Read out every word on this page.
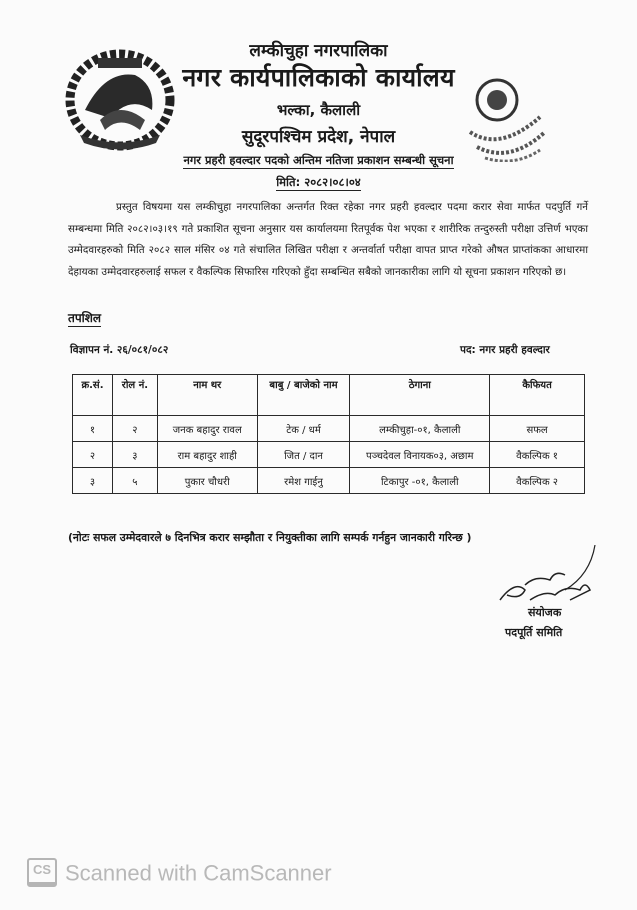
लम्कीचुहा नगरपालिका
नगर कार्यपालिकाको कार्यालय
भल्का, कैलाली
सुदूरपश्चिम प्रदेश, नेपाल
नगर प्रहरी हवल्दार पदको अन्तिम नतिजा प्रकाशन सम्बन्धी सूचना
मिति: २०८२।०८।०४
प्रस्तुत विषयमा यस लम्कीचुहा नगरपालिका अन्तर्गत रिक्त रहेका नगर प्रहरी हवल्दार पदमा करार सेवा मार्फत पदपुर्ति गर्ने सम्बन्धमा मिति २०८२।०३।१९ गते प्रकाशित सूचना अनुसार यस कार्यालयमा रितपूर्वक पेश भएका र शारीरिक तन्दुरुस्ती परीक्षा उत्तिर्ण भएका उम्मेदवारहरुको मिति २०८२ साल मंसिर ०४ गते संचालित लिखित परीक्षा र अन्तर्वार्ता परीक्षा वापत प्राप्त गरेको औषत प्राप्तांकका आधारमा देहायका उम्मेदवारहरुलाई सफल र वैकल्पिक सिफारिस गरिएको हुँदा सम्बन्धित सबैको जानकारीका लागि यो सूचना प्रकाशन गरिएको छ।
तपशिल
विज्ञापन नं. २६/०८१/०८२	पद: नगर प्रहरी हवल्दार
क्र.सं.	रोल नं.	नाम थर	बाबु / बाजेको नाम	ठेगाना	कैफियत
१	२	जनक बहादुर रावल	टेक / धर्म	लम्कीचुहा-०१, कैलाली	सफल
२	३	राम बहादुर शाही	जित / दान	पञ्चदेवल विनायक०३, अछाम	वैकल्पिक १
३	५	पुकार चौधरी	रमेश गाईनु	टिकापुर -०१, कैलाली	वैकल्पिक २
(नोटः सफल उम्मेदवारले ७ दिनभित्र करार सम्झौता र नियुक्तीका लागि सम्पर्क गर्नहुन जानकारी गरिन्छ )
संयोजक
पदपूर्ति समिति
CS Scanned with CamScanner
